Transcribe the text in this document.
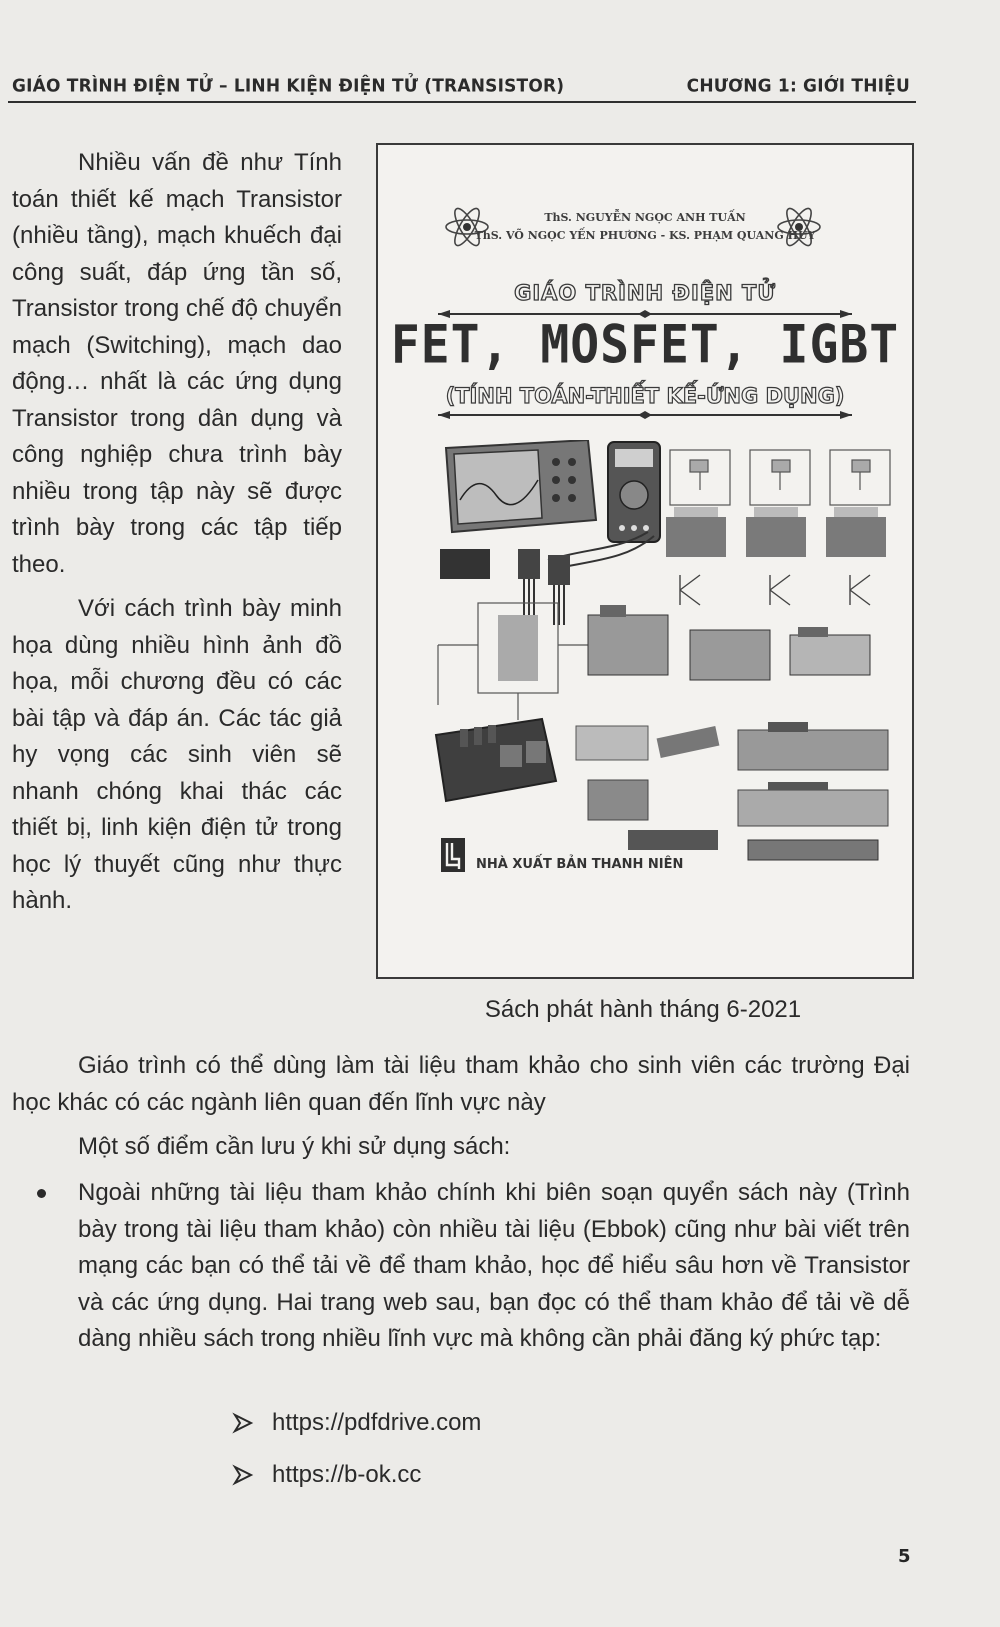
GIÁO TRÌNH ĐIỆN TỬ – LINH KIỆN ĐIỆN TỬ (TRANSISTOR)	CHƯƠNG 1: GIỚI THIỆU

Nhiều vấn đề như Tính toán thiết kế mạch Transistor (nhiều tầng), mạch khuếch đại công suất, đáp ứng tần số, Transistor trong chế độ chuyển mạch (Switching), mạch dao động… nhất là các ứng dụng Transistor trong dân dụng và công nghiệp chưa trình bày nhiều trong tập này sẽ được trình bày trong các tập tiếp theo.

Với cách trình bày minh họa dùng nhiều hình ảnh đồ họa, mỗi chương đều có các bài tập và đáp án. Các tác giả hy vọng các sinh viên sẽ nhanh chóng khai thác các thiết bị, linh kiện điện tử trong học lý thuyết cũng như thực hành.

ThS. NGUYỄN NGỌC ANH TUẤN
ThS. VÕ NGỌC YẾN PHƯƠNG - KS. PHẠM QUANG HUY
GIÁO TRÌNH ĐIỆN TỬ
FET, MOSFET, IGBT
(TÍNH TOÁN-THIẾT KẾ-ỨNG DỤNG)
NHÀ XUẤT BẢN THANH NIÊN
Sách phát hành tháng 6-2021

Giáo trình có thể dùng làm tài liệu tham khảo cho sinh viên các trường Đại học khác có các ngành liên quan đến lĩnh vực này

Một số điểm cần lưu ý khi sử dụng sách:

Ngoài những tài liệu tham khảo chính khi biên soạn quyển sách này (Trình bày trong tài liệu tham khảo) còn nhiều tài liệu (Ebbok) cũng như bài viết trên mạng các bạn có thể tải về để tham khảo, học để hiểu sâu hơn về Transistor và các ứng dụng. Hai trang web sau, bạn đọc có thể tham khảo để tải về dễ dàng nhiều sách trong nhiều lĩnh vực mà không cần phải đăng ký phức tạp:
https://pdfdrive.com
https://b-ok.cc
5
